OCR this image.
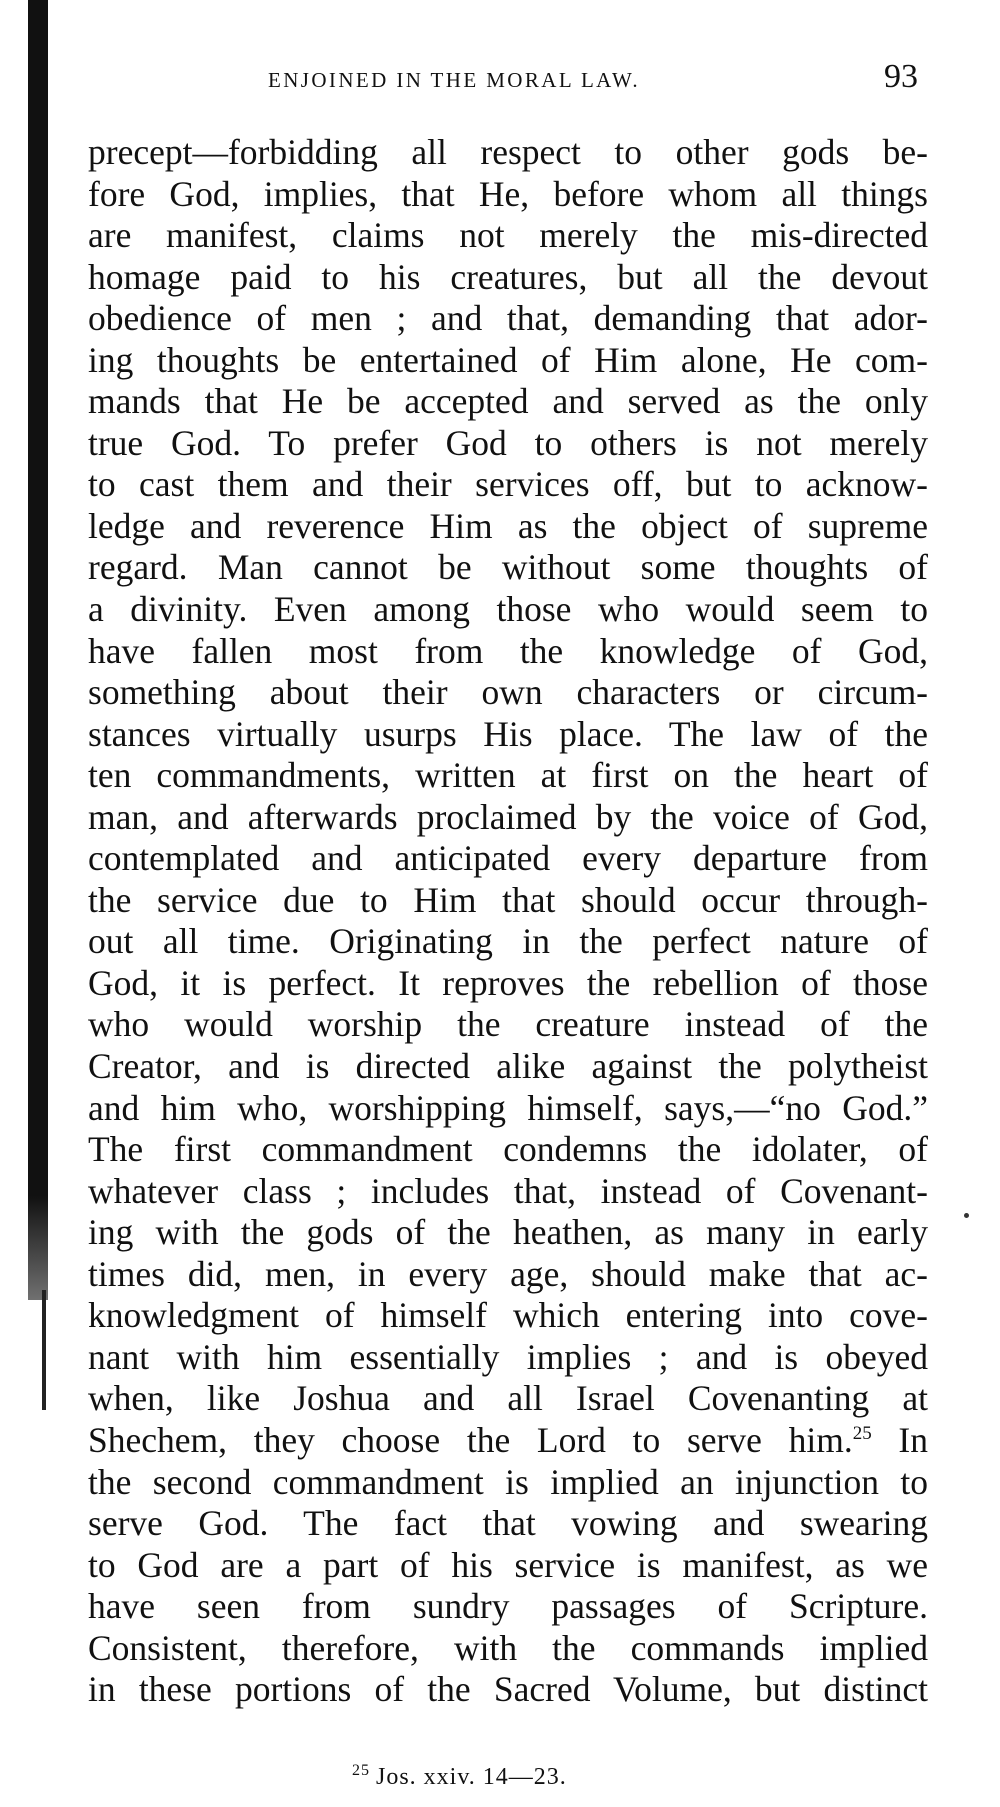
ENJOINED IN THE MORAL LAW.	93
precept—forbidding all respect to other gods be-
fore God, implies, that He, before whom all things
are manifest, claims not merely the mis-directed
homage paid to his creatures, but all the devout
obedience of men ; and that, demanding that ador-
ing thoughts be entertained of Him alone, He com-
mands that He be accepted and served as the only
true God. To prefer God to others is not merely
to cast them and their services off, but to acknow-
ledge and reverence Him as the object of supreme
regard. Man cannot be without some thoughts of
a divinity. Even among those who would seem to
have fallen most from the knowledge of God,
something about their own characters or circum-
stances virtually usurps His place. The law of the
ten commandments, written at first on the heart of
man, and afterwards proclaimed by the voice of God,
contemplated and anticipated every departure from
the service due to Him that should occur through-
out all time. Originating in the perfect nature of
God, it is perfect. It reproves the rebellion of those
who would worship the creature instead of the
Creator, and is directed alike against the polytheist
and him who, worshipping himself, says,—“no God.”
The first commandment condemns the idolater, of
whatever class ; includes that, instead of Covenant-
ing with the gods of the heathen, as many in early
times did, men, in every age, should make that ac-
knowledgment of himself which entering into cove-
nant with him essentially implies ; and is obeyed
when, like Joshua and all Israel Covenanting at
Shechem, they choose the Lord to serve him.$^{25}$ In
the second commandment is implied an injunction to
serve God. The fact that vowing and swearing
to God are a part of his service is manifest, as we
have seen from sundry passages of Scripture.
Consistent, therefore, with the commands implied
in these portions of the Sacred Volume, but distinct
$^{25}$ Jos. xxiv. 14—23.
